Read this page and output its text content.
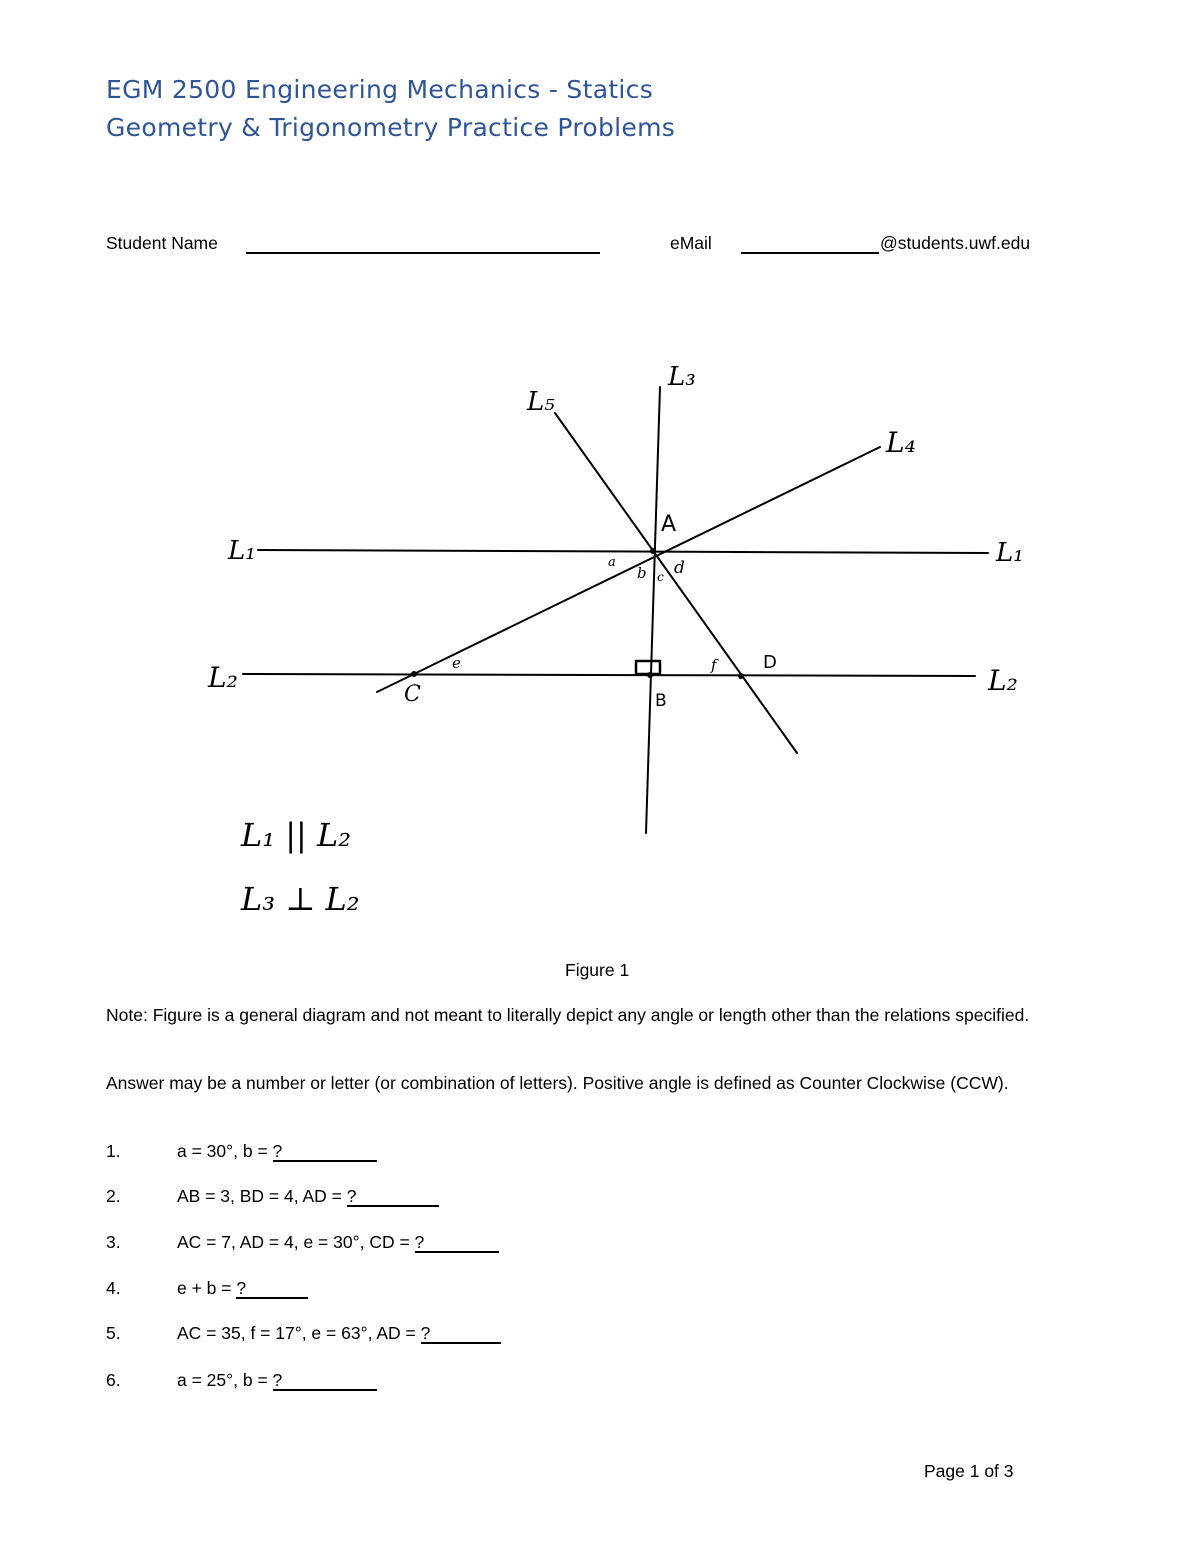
EGM 2500 Engineering Mechanics - Statics
Geometry & Trigonometry Practice Problems
Student Name	eMail	@students.uwf.edu
L₃
L₅
L₄
L₁	L₁
L₂	L₂
A
B
C
D
a
b c d
e	f
L₁ || L₂
L₃ ⊥ L₂
Figure 1
Note: Figure is a general diagram and not meant to literally depict any angle or length other than the relations specified.
Answer may be a number or letter (or combination of letters). Positive angle is defined as Counter Clockwise (CCW).
1.	a = 30°, b = ?
2.	AB = 3, BD = 4, AD = ?
3.	AC = 7, AD = 4, e = 30°, CD = ?
4.	e + b = ?
5.	AC = 35, f = 17°, e = 63°, AD = ?
6.	a = 25°, b = ?
Page 1 of 3
